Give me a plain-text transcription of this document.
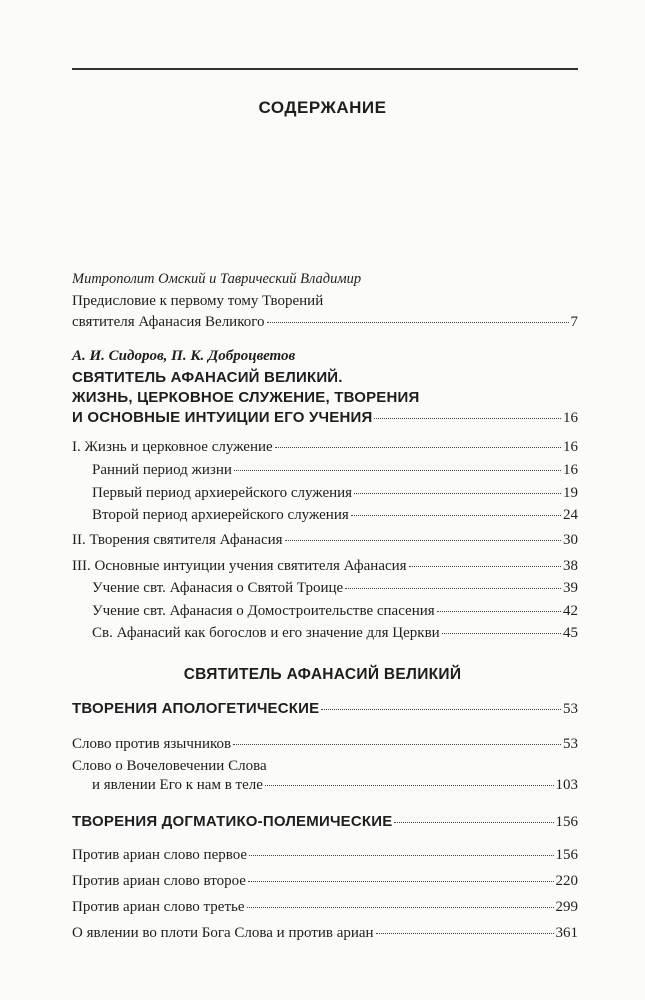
СОДЕРЖАНИЕ
Митрополит Омский и Таврический Владимир
Предисловие к первому тому Творений
святителя Афанасия Великого	7
А. И. Сидоров, П. К. Доброцветов
СВЯТИТЕЛЬ АФАНАСИЙ ВЕЛИКИЙ.
ЖИЗНЬ, ЦЕРКОВНОЕ СЛУЖЕНИЕ, ТВОРЕНИЯ
И ОСНОВНЫЕ ИНТУИЦИИ ЕГО УЧЕНИЯ	16
I. Жизнь и церковное служение	16
Ранний период жизни	16
Первый период архиерейского служения	19
Второй период архиерейского служения	24
II. Творения святителя Афанасия	30
III. Основные интуиции учения святителя Афанасия	38
Учение свт. Афанасия о Святой Троице	39
Учение свт. Афанасия о Домостроительстве спасения	42
Св. Афанасий как богослов и его значение для Церкви	45
СВЯТИТЕЛЬ АФАНАСИЙ ВЕЛИКИЙ
ТВОРЕНИЯ АПОЛОГЕТИЧЕСКИЕ	53
Слово против язычников	53
Слово о Вочеловечении Слова
и явлении Его к нам в теле	103
ТВОРЕНИЯ ДОГМАТИКО-ПОЛЕМИЧЕСКИЕ	156
Против ариан слово первое	156
Против ариан слово второе	220
Против ариан слово третье	299
О явлении во плоти Бога Слова и против ариан	361
